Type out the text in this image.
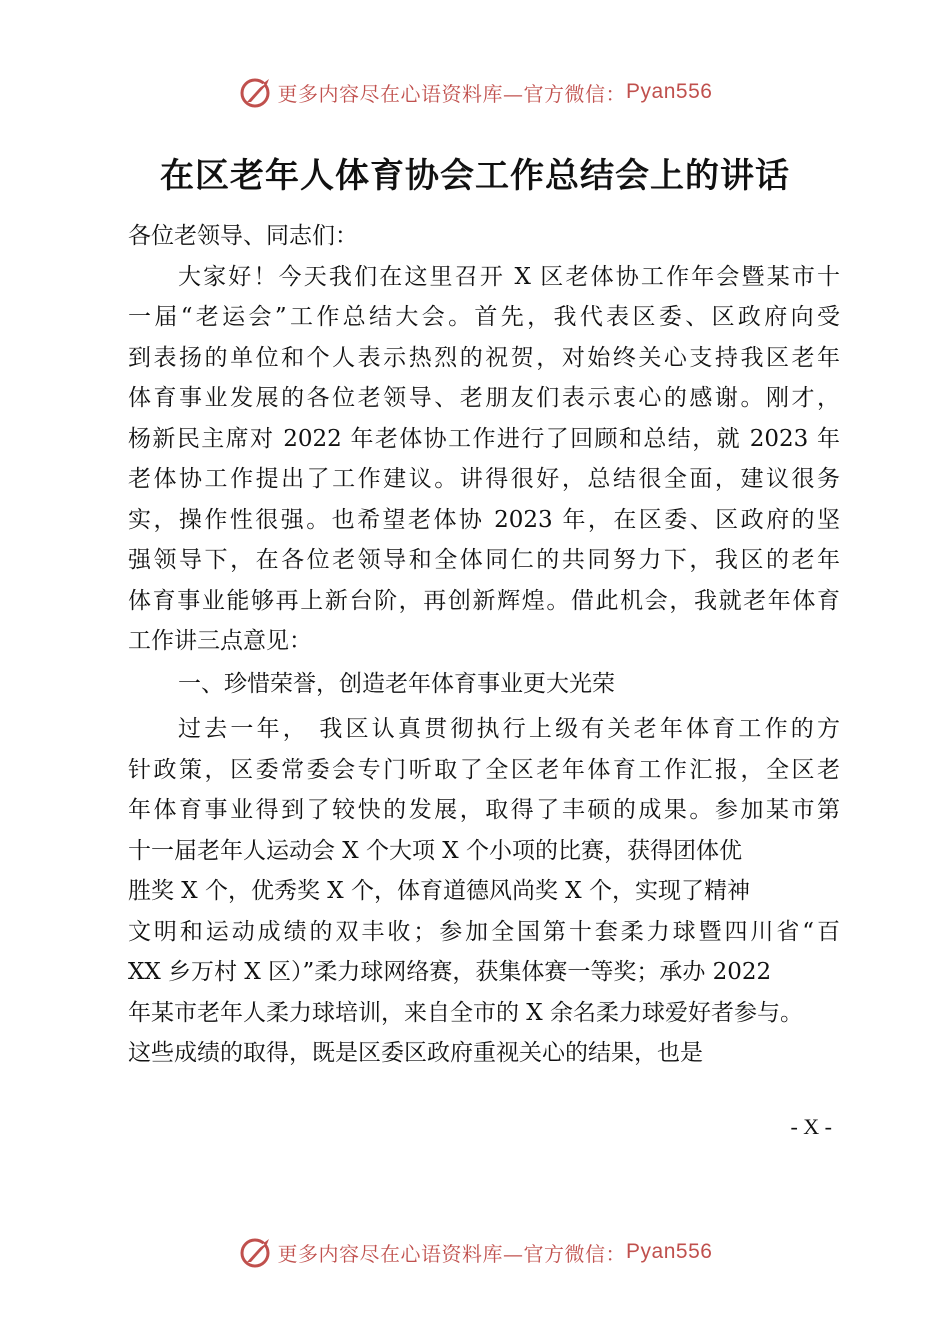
更多内容尽在心语资料库—官方微信： Pyan556
在区老年人体育协会工作总结会上的讲话
各位老领导、同志们：
大家好！今天我们在这里召开 X 区老体协工作年会暨某市十
一届“老运会”工作总结大会。首先，我代表区委、区政府向受
到表扬的单位和个人表示热烈的祝贺，对始终关心支持我区老年
体育事业发展的各位老领导、老朋友们表示衷心的感谢。刚才，
杨新民主席对 2022 年老体协工作进行了回顾和总结，就 2023 年
老体协工作提出了工作建议。讲得很好，总结很全面，建议很务
实，操作性很强。也希望老体协 2023 年，在区委、区政府的坚
强领导下，在各位老领导和全体同仁的共同努力下，我区的老年
体育事业能够再上新台阶，再创新辉煌。借此机会，我就老年体育
工作讲三点意见：
一、珍惜荣誉，创造老年体育事业更大光荣
过去一年， 我区认真贯彻执行上级有关老年体育工作的方
针政策，区委常委会专门听取了全区老年体育工作汇报，全区老
年体育事业得到了较快的发展，取得了丰硕的成果。参加某市第
十一届老年人运动会 X 个大项 X 个小项的比赛，获得团体优
胜奖 X 个，优秀奖 X 个，体育道德风尚奖 X 个，实现了精神
文明和运动成绩的双丰收；参加全国第十套柔力球暨四川省“百
XX 乡万村 X 区）”柔力球网络赛，获集体赛一等奖；承办 2022
年某市老年人柔力球培训，来自全市的 X 余名柔力球爱好者参与。
这些成绩的取得，既是区委区政府重视关心的结果，也是
- X -
更多内容尽在心语资料库—官方微信： Pyan556
